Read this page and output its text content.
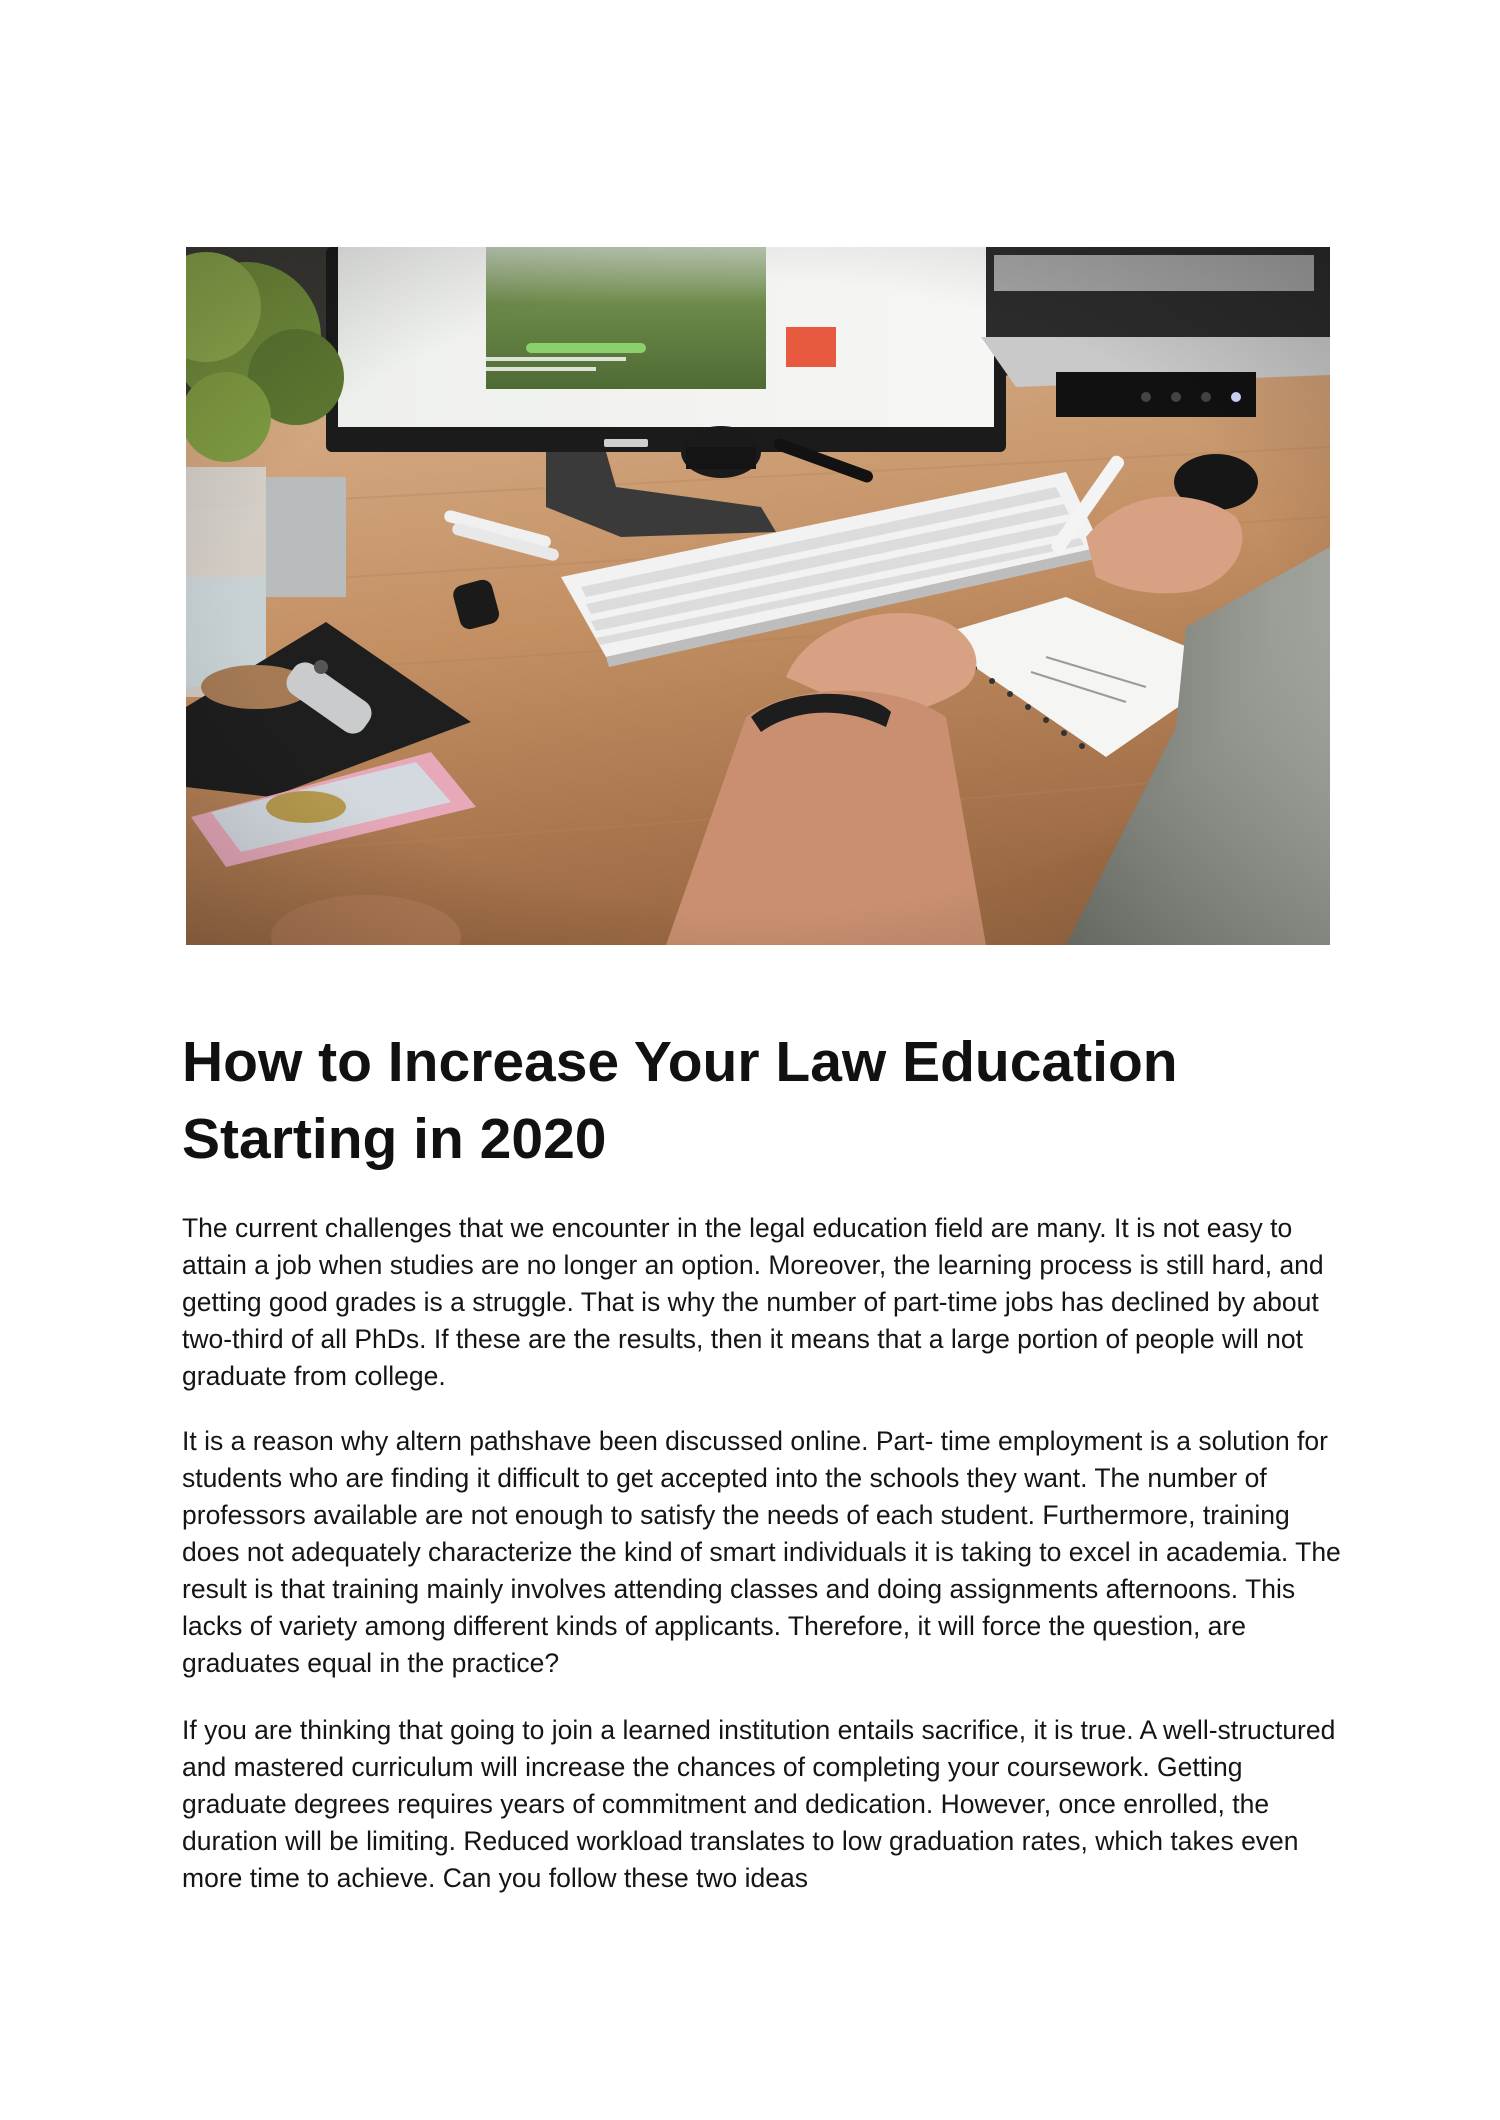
How to Increase Your Law Education Starting in 2020

The current challenges that we encounter in the legal education field are many. It is not easy to attain a job when studies are no longer an option. Moreover, the learning process is still hard, and getting good grades is a struggle. That is why the number of part-time jobs has declined by about two-third of all PhDs. If these are the results, then it means that a large portion of people will not graduate from college.

It is a reason why altern pathshave been discussed online. Part- time employment is a solution for students who are finding it difficult to get accepted into the schools they want. The number of professors available are not enough to satisfy the needs of each student. Furthermore, training does not adequately characterize the kind of smart individuals it is taking to excel in academia. The result is that training mainly involves attending classes and doing assignments afternoons. This lacks of variety among different kinds of applicants. Therefore, it will force the question, are graduates equal in the practice?

If you are thinking that going to join a learned institution entails sacrifice, it is true. A well-structured and mastered curriculum will increase the chances of completing your coursework. Getting graduate degrees requires years of commitment and dedication. However, once enrolled, the duration will be limiting. Reduced workload translates to low graduation rates, which takes even more time to achieve. Can you follow these two ideas
